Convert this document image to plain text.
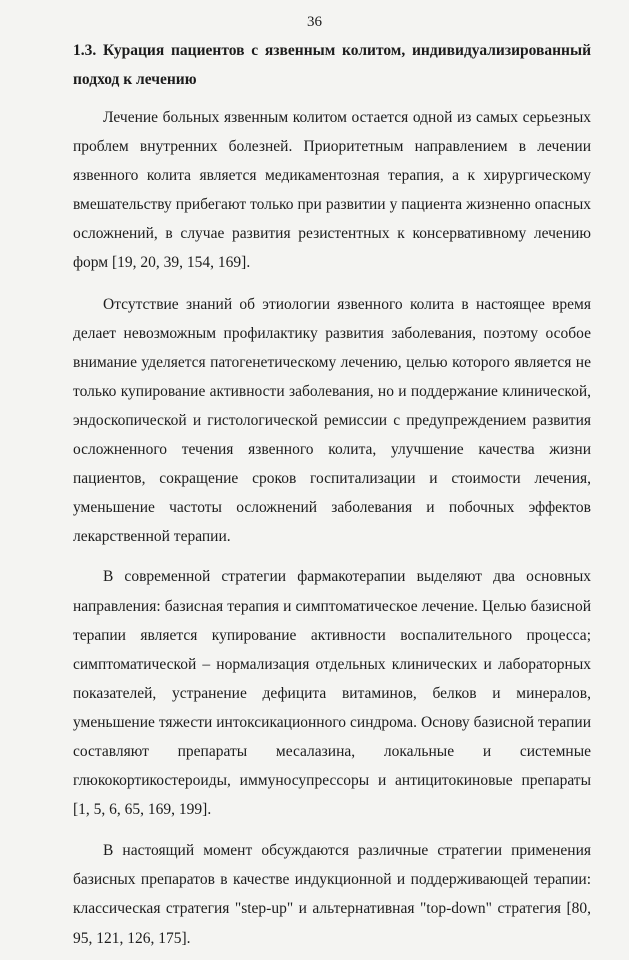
36

1.3. Курация пациентов с язвенным колитом, индивидуализированный подход к лечению

Лечение больных язвенным колитом остается одной из самых серьезных проблем внутренних болезней. Приоритетным направлением в лечении язвенного колита является медикаментозная терапия, а к хирургическому вмешательству прибегают только при развитии у пациента жизненно опасных осложнений, в случае развития резистентных к консервативному лечению форм [19, 20, 39, 154, 169].

Отсутствие знаний об этиологии язвенного колита в настоящее время делает невозможным профилактику развития заболевания, поэтому особое внимание уделяется патогенетическому лечению, целью которого является не только купирование активности заболевания, но и поддержание клинической, эндоскопической и гистологической ремиссии с предупреждением развития осложненного течения язвенного колита, улучшение качества жизни пациентов, сокращение сроков госпитализации и стоимости лечения, уменьшение частоты осложнений заболевания и побочных эффектов лекарственной терапии.

В современной стратегии фармакотерапии выделяют два основных направления: базисная терапия и симптоматическое лечение. Целью базисной терапии является купирование активности воспалительного процесса; симптоматической – нормализация отдельных клинических и лабораторных показателей, устранение дефицита витаминов, белков и минералов, уменьшение тяжести интоксикационного синдрома. Основу базисной терапии составляют препараты месалазина, локальные и системные глюкокортикостероиды, иммуносупрессоры и антицитокиновые препараты [1, 5, 6, 65, 169, 199].

В настоящий момент обсуждаются различные стратегии применения базисных препаратов в качестве индукционной и поддерживающей терапии: классическая стратегия "step-up" и альтернативная "top-down" стратегия [80, 95, 121, 126, 175].
